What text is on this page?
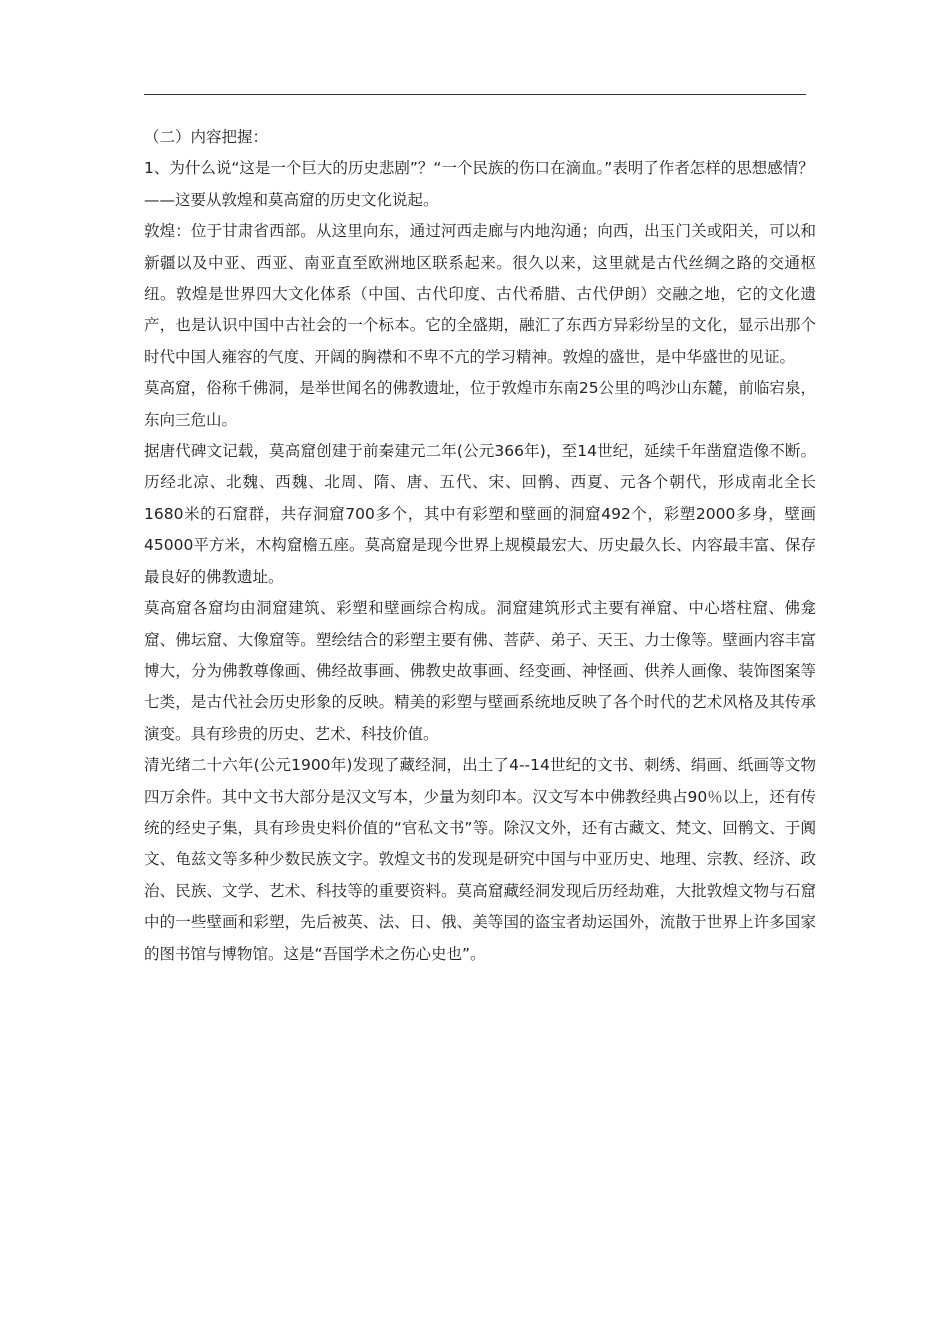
（二）内容把握：

1、为什么说“这是一个巨大的历史悲剧”？“一个民族的伤口在滴血。”表明了作者怎样的思想感情？

——这要从敦煌和莫高窟的历史文化说起。

敦煌：位于甘肃省西部。从这里向东，通过河西走廊与内地沟通；向西，出玉门关或阳关，可以和新疆以及中亚、西亚、南亚直至欧洲地区联系起来。很久以来，这里就是古代丝绸之路的交通枢纽。敦煌是世界四大文化体系（中国、古代印度、古代希腊、古代伊朗）交融之地，它的文化遗产，也是认识中国中古社会的一个标本。它的全盛期，融汇了东西方异彩纷呈的文化，显示出那个时代中国人雍容的气度、开阔的胸襟和不卑不亢的学习精神。敦煌的盛世，是中华盛世的见证。

莫高窟，俗称千佛洞，是举世闻名的佛教遗址，位于敦煌市东南25公里的鸣沙山东麓，前临宕泉，东向三危山。

据唐代碑文记载，莫高窟创建于前秦建元二年(公元366年)，至14世纪，延续千年凿窟造像不断。历经北凉、北魏、西魏、北周、隋、唐、五代、宋、回鹘、西夏、元各个朝代，形成南北全长1680米的石窟群，共存洞窟700多个，其中有彩塑和壁画的洞窟492个，彩塑2000多身，壁画45000平方米，木构窟檐五座。莫高窟是现今世界上规模最宏大、历史最久长、内容最丰富、保存最良好的佛教遗址。

莫高窟各窟均由洞窟建筑、彩塑和壁画综合构成。洞窟建筑形式主要有禅窟、中心塔柱窟、佛龛窟、佛坛窟、大像窟等。塑绘结合的彩塑主要有佛、菩萨、弟子、天王、力士像等。壁画内容丰富博大，分为佛教尊像画、佛经故事画、佛教史故事画、经变画、神怪画、供养人画像、装饰图案等七类，是古代社会历史形象的反映。精美的彩塑与壁画系统地反映了各个时代的艺术风格及其传承演变。具有珍贵的历史、艺术、科技价值。

清光绪二十六年(公元1900年)发现了藏经洞，出土了4--14世纪的文书、刺绣、绢画、纸画等文物四万余件。其中文书大部分是汉文写本，少量为刻印本。汉文写本中佛教经典占90％以上，还有传统的经史子集，具有珍贵史料价值的“官私文书”等。除汉文外，还有古藏文、梵文、回鹘文、于阗文、龟兹文等多种少数民族文字。敦煌文书的发现是研究中国与中亚历史、地理、宗教、经济、政治、民族、文学、艺术、科技等的重要资料。莫高窟藏经洞发现后历经劫难，大批敦煌文物与石窟中的一些壁画和彩塑，先后被英、法、日、俄、美等国的盗宝者劫运国外，流散于世界上许多国家的图书馆与博物馆。这是“吾国学术之伤心史也”。
